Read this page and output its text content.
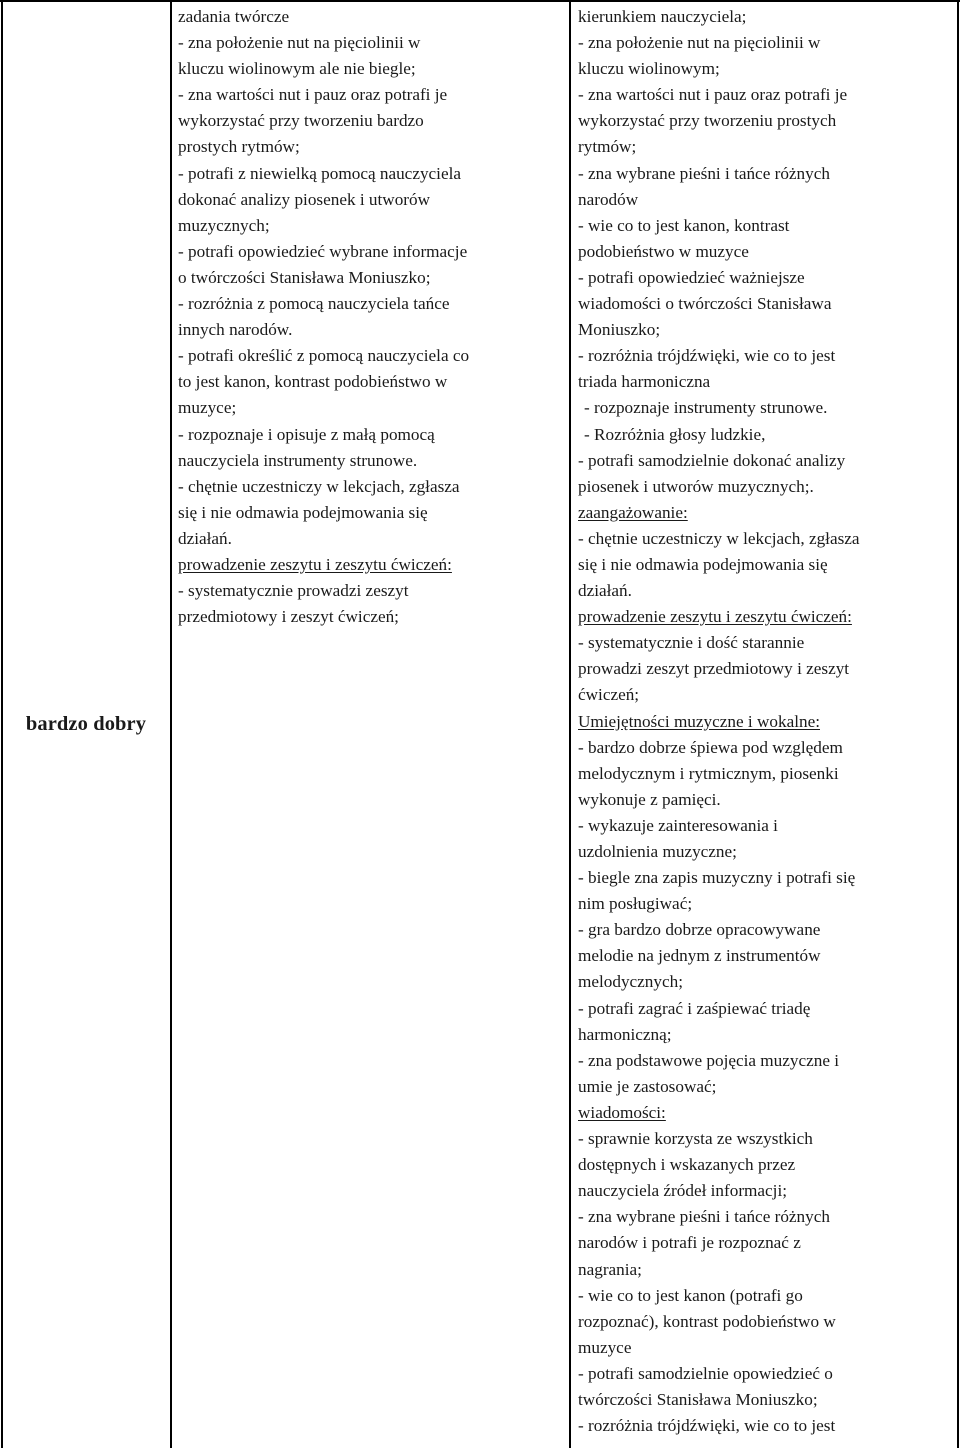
bardzo dobry
zadania twórcze
- zna położenie nut na pięciolinii w
kluczu wiolinowym ale nie biegle;
- zna wartości nut i pauz oraz potrafi je
wykorzystać przy tworzeniu bardzo
prostych rytmów;
- potrafi z niewielką pomocą nauczyciela
dokonać analizy piosenek i utworów
muzycznych;
- potrafi opowiedzieć wybrane informacje
o twórczości Stanisława Moniuszko;
- rozróżnia z pomocą nauczyciela tańce
innych narodów.
- potrafi określić z pomocą nauczyciela co
to jest kanon, kontrast podobieństwo w
muzyce;
- rozpoznaje i opisuje z małą pomocą
nauczyciela instrumenty strunowe.
- chętnie uczestniczy w lekcjach, zgłasza
się i nie odmawia podejmowania się
działań.
prowadzenie zeszytu i zeszytu ćwiczeń:
- systematycznie prowadzi zeszyt
przedmiotowy i zeszyt ćwiczeń;
kierunkiem nauczyciela;
- zna położenie nut na pięciolinii w
kluczu wiolinowym;
- zna wartości nut i pauz oraz potrafi je
wykorzystać przy tworzeniu prostych
rytmów;
- zna wybrane pieśni i tańce różnych
narodów
- wie co to jest kanon, kontrast
podobieństwo w muzyce
- potrafi opowiedzieć ważniejsze
wiadomości o twórczości Stanisława
Moniuszko;
- rozróżnia trójdźwięki, wie co to jest
triada harmoniczna
- rozpoznaje instrumenty strunowe.
- Rozróżnia głosy ludzkie,
- potrafi samodzielnie dokonać analizy
piosenek i utworów muzycznych;.
zaangażowanie:
- chętnie uczestniczy w lekcjach, zgłasza
się i nie odmawia podejmowania się
działań.
prowadzenie zeszytu i zeszytu ćwiczeń:
- systematycznie i dość starannie
prowadzi zeszyt przedmiotowy i zeszyt
ćwiczeń;
Umiejętności muzyczne i wokalne:
- bardzo dobrze śpiewa pod względem
melodycznym i rytmicznym, piosenki
wykonuje z pamięci.
- wykazuje zainteresowania i
uzdolnienia muzyczne;
- biegle zna zapis muzyczny i potrafi się
nim posługiwać;
- gra bardzo dobrze opracowywane
melodie na jednym z instrumentów
melodycznych;
- potrafi zagrać i zaśpiewać triadę
harmoniczną;
- zna podstawowe pojęcia muzyczne i
umie je zastosować;
wiadomości:
- sprawnie korzysta ze wszystkich
dostępnych i wskazanych przez
nauczyciela źródeł informacji;
- zna wybrane pieśni i tańce różnych
narodów i potrafi je rozpoznać z
nagrania;
- wie co to jest kanon (potrafi go
rozpoznać), kontrast podobieństwo w
muzyce
- potrafi samodzielnie opowiedzieć o
twórczości Stanisława Moniuszko;
- rozróżnia trójdźwięki, wie co to jest
